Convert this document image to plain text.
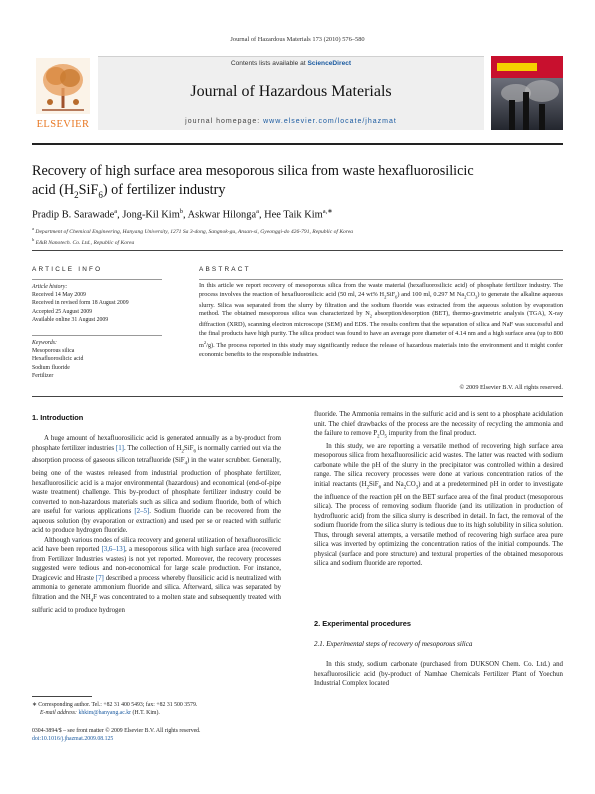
Journal of Hazardous Materials 173 (2010) 576–580
ELSEVIER
Contents lists available at ScienceDirect
Journal of Hazardous Materials
journal homepage: www.elsevier.com/locate/jhazmat
Recovery of high surface area mesoporous silica from waste hexafluorosilicic
acid $(H_2SiF_6)$ of fertilizer industry
Pradip B. Sarawade$^a$, Jong-Kil Kim$^b$, Askwar Hilonga$^a$, Hee Taik Kim$^{a,∗}$
$^a$ Department of Chemical Engineering, Hanyang University, 1271 Sa 3-dong, Sangnok-gu, Ansan-si, Gyeonggi-do 426-791, Republic of Korea
$^b$ E&B Nanotech. Co. Ltd., Republic of Korea
ARTICLE INFO	ABSTRACT
Article history:
Received 14 May 2009
Received in revised form 18 August 2009
Accepted 25 August 2009
Available online 31 August 2009
Keywords:
Mesoporous silica
Hexafluorosilicic acid
Sodium fluoride
Fertilizer
In this article we report recovery of mesoporous silica from the waste material (hexafluorosilicic acid) of phosphate fertilizer industry. The process involves the reaction of hexafluorosilicic acid (50 ml, 24 wt% $H_2SiF_6$) and 100 ml, 0.297 M $Na_2CO_3$) to generate the alkaline aqueous slurry. Silica was separated from the slurry by filtration and the sodium fluoride was extracted from the aqueous solution by evaporation method. The obtained mesoporous silica was characterized by $N_2$ absorption/desorption (BET), thermo-gravimetric analysis (TGA), X-ray diffraction (XRD), scanning electron microscope (SEM) and EDS. The results confirm that the separation of silica and NaF was successful and the final products have high purity. The silica product was found to have an average pore diameter of 4.14 nm and a high surface area (up to 800 $m^2/g$). The process reported in this study may significantly reduce the release of hazardous materials into the environment and it might confer economic benefits to the responsible industries.
© 2009 Elsevier B.V. All rights reserved.
1. Introduction

A huge amount of hexafluorosilicic acid is generated annually as a by-product from phosphate fertilizer industries [1]. The collection of $H_2SiF_6$ is normally carried out via the absorption process of gaseous silicon tetrafluoride (SiF$_4$) in the water scrubber. Generally, being one of the wastes released from industrial production of phosphate fertilizer, hexafluorosilicic acid is a major environmental (hazardous) and economical (end-of-pipe waste treatment) challenge. This by-product of phosphate fertilizer industry could be converted to non-hazardous materials such as silica and sodium fluoride, both of which are useful for various applications [2–5]. Sodium fluoride can be recovered from the aqueous solution (by evaporation or extraction) and used per se or reacted with sulfuric acid to produce hydrogen fluoride.

Although various modes of silica recovery and general utilization of hexafluorosilicic acid have been reported [3,6–13], a mesoporous silica with high surface area (recovered from Fertilizer Industries wastes) is not yet reported. Moreover, the recovery processes suggested were tedious and non-economical for large scale production. For instance, Dragicevic and Hraste [7] described a process whereby fluosilicic acid is neutralized with ammonia to generate ammonium fluoride and silica. Afterward, silica was separated by filtration and the $NH_4F$ was concentrated to a molten state and subsequently treated with sulfuric acid to produce hydrogen

fluoride. The Ammonia remains in the sulfuric acid and is sent to a phosphate acidulation unit. The chief drawbacks of the process are the necessity of recycling the ammonia and the failure to remove $P_2O_5$ impurity from the final product.

In this study, we are reporting a versatile method of recovering high surface area mesoporous silica from hexafluorosilicic acid wastes. The latter was reacted with sodium carbonate while the pH of the slurry in the precipitator was controlled within a desired range. The silica recovery processes were done at various concentration ratios of the initial reactants ($H_2SiF_6$ and $Na_2CO_3$) and at a predetermined pH in order to investigate the influence of the reaction pH on the BET surface area of the final product (mesoporous silica). The process of removing sodium fluoride (and its utilization in production of hydrofluoric acid) from the silica slurry is described in detail. In fact, the removal of the sodium fluoride from the silica slurry is tedious due to its high solubility in silica solution. Thus, through several attempts, a versatile method of recovering high surface area pure silica was inverted by optimizing the concentration ratios of the initial compounds. The physical (surface and pore structure) and textural properties of the obtained mesoporous silica and sodium fluoride are reported.

2. Experimental procedures
2.1. Experimental steps of recovery of mesoporous silica

In this study, sodium carbonate (purchased from DUKSON Chem. Co. Ltd.) and hexafluorosilicic acid (by-product of Namhae Chemicals Fertilizer Plant of Yoechun Industrial Complex located

∗ Corresponding author. Tel.: +82 31 400 5493; fax: +82 31 500 3579.
E-mail address: khkim@hanyang.ac.kr (H.T. Kim).
0304-3894/$ – see front matter © 2009 Elsevier B.V. All rights reserved.
doi:10.1016/j.jhazmat.2009.08.125
